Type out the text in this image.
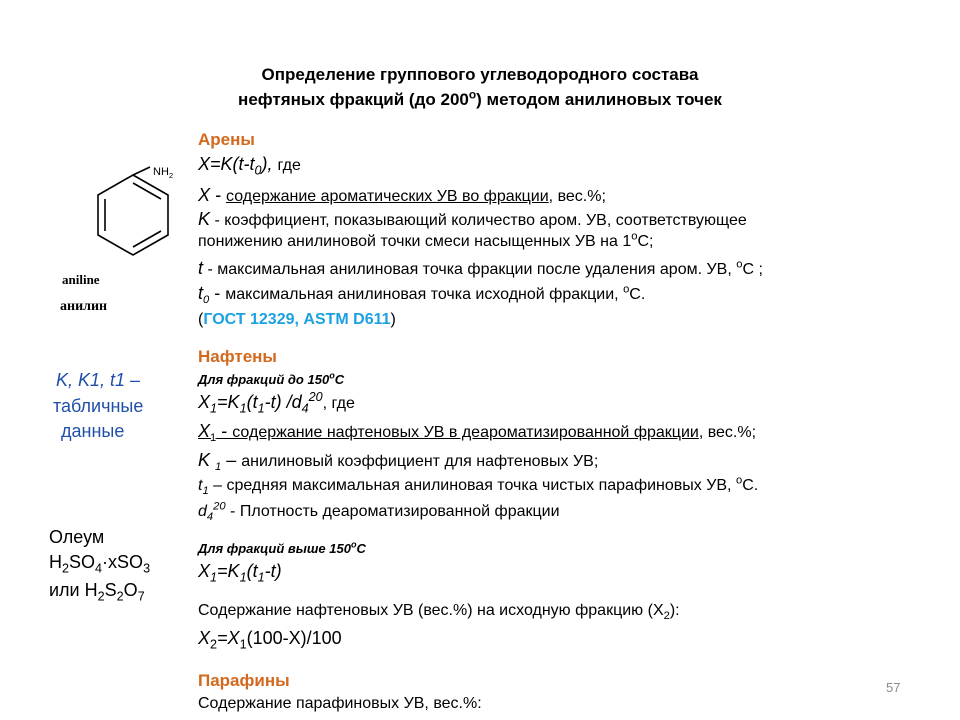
Определение группового углеводородного состава
нефтяных фракций (до $200^о$) методом анилиновых точек
$NH_2$
aniline
анилин
Арены
$X=K(t-t_0)$, где
X - содержание ароматических УВ во фракции, вес.%;
K - коэффициент, показывающий количество аром. УВ, соответствующее
понижению анилиновой точки смеси насыщенных УВ на $1^оС$;
t - максимальная анилиновая точка фракции после удаления аром. УВ, $^о$С ;
$t_0$ - максимальная анилиновая точка исходной фракции, $^о$С.
(ГОСТ 12329, ASTM D611)
K, K1, t1 –
табличные
данные
Олеум
$H_2SO_4\cdot xSO_3$
или $H_2S_2O_7$
Нафтены
Для фракций до $150^оС$
$X_1=K_1(t_1-t)$ $/d_4^{20}$, где
$X_1$ - содержание нафтеновых УВ в деароматизированной фракции, вес.%;
K $_1$ – анилиновый коэффициент для нафтеновых УВ;
$t_1$ – средняя максимальная анилиновая точка чистых парафиновых УВ, $^о$С.
$d_4^{20}$ - Плотность деароматизированной фракции
Для фракций выше $150^оС$
$X_1=K_1(t_1-t)$
Содержание нафтеновых УВ (вес.%) на исходную фракцию $(X_2)$:
$X_2=X_1(100-X)/100$
Парафины
Содержание парафиновых УВ, вес.%:
57
